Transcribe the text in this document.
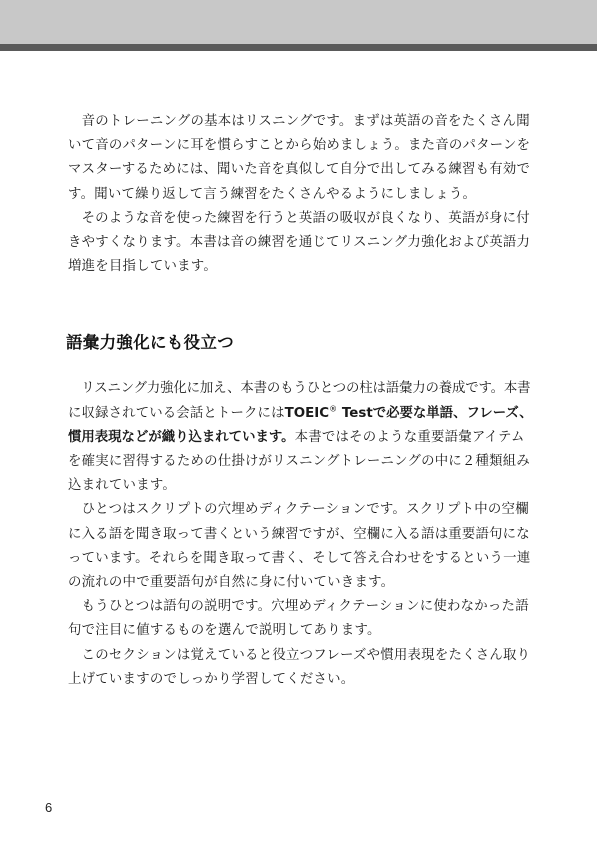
　音のトレーニングの基本はリスニングです。まずは英語の音をたくさん聞
いて音のパターンに耳を慣らすことから始めましょう。また音のパターンを
マスターするためには、聞いた音を真似して自分で出してみる練習も有効で
す。聞いて繰り返して言う練習をたくさんやるようにしましょう。

　そのような音を使った練習を行うと英語の吸収が良くなり、英語が身に付
きやすくなります。本書は音の練習を通じてリスニング力強化および英語力
増進を目指しています。

語彙力強化にも役立つ

　リスニング力強化に加え、本書のもうひとつの柱は語彙力の養成です。本書
に収録されている会話とトークにはTOEIC® Testで必要な単語、フレーズ、
慣用表現などが織り込まれています。本書ではそのような重要語彙アイテム
を確実に習得するための仕掛けがリスニングトレーニングの中に２種類組み
込まれています。

　ひとつはスクリプトの穴埋めディクテーションです。スクリプト中の空欄
に入る語を聞き取って書くという練習ですが、空欄に入る語は重要語句にな
っています。それらを聞き取って書く、そして答え合わせをするという一連
の流れの中で重要語句が自然に身に付いていきます。

　もうひとつは語句の説明です。穴埋めディクテーションに使わなかった語
句で注目に値するものを選んで説明してあります。

　このセクションは覚えていると役立つフレーズや慣用表現をたくさん取り
上げていますのでしっかり学習してください。

6
